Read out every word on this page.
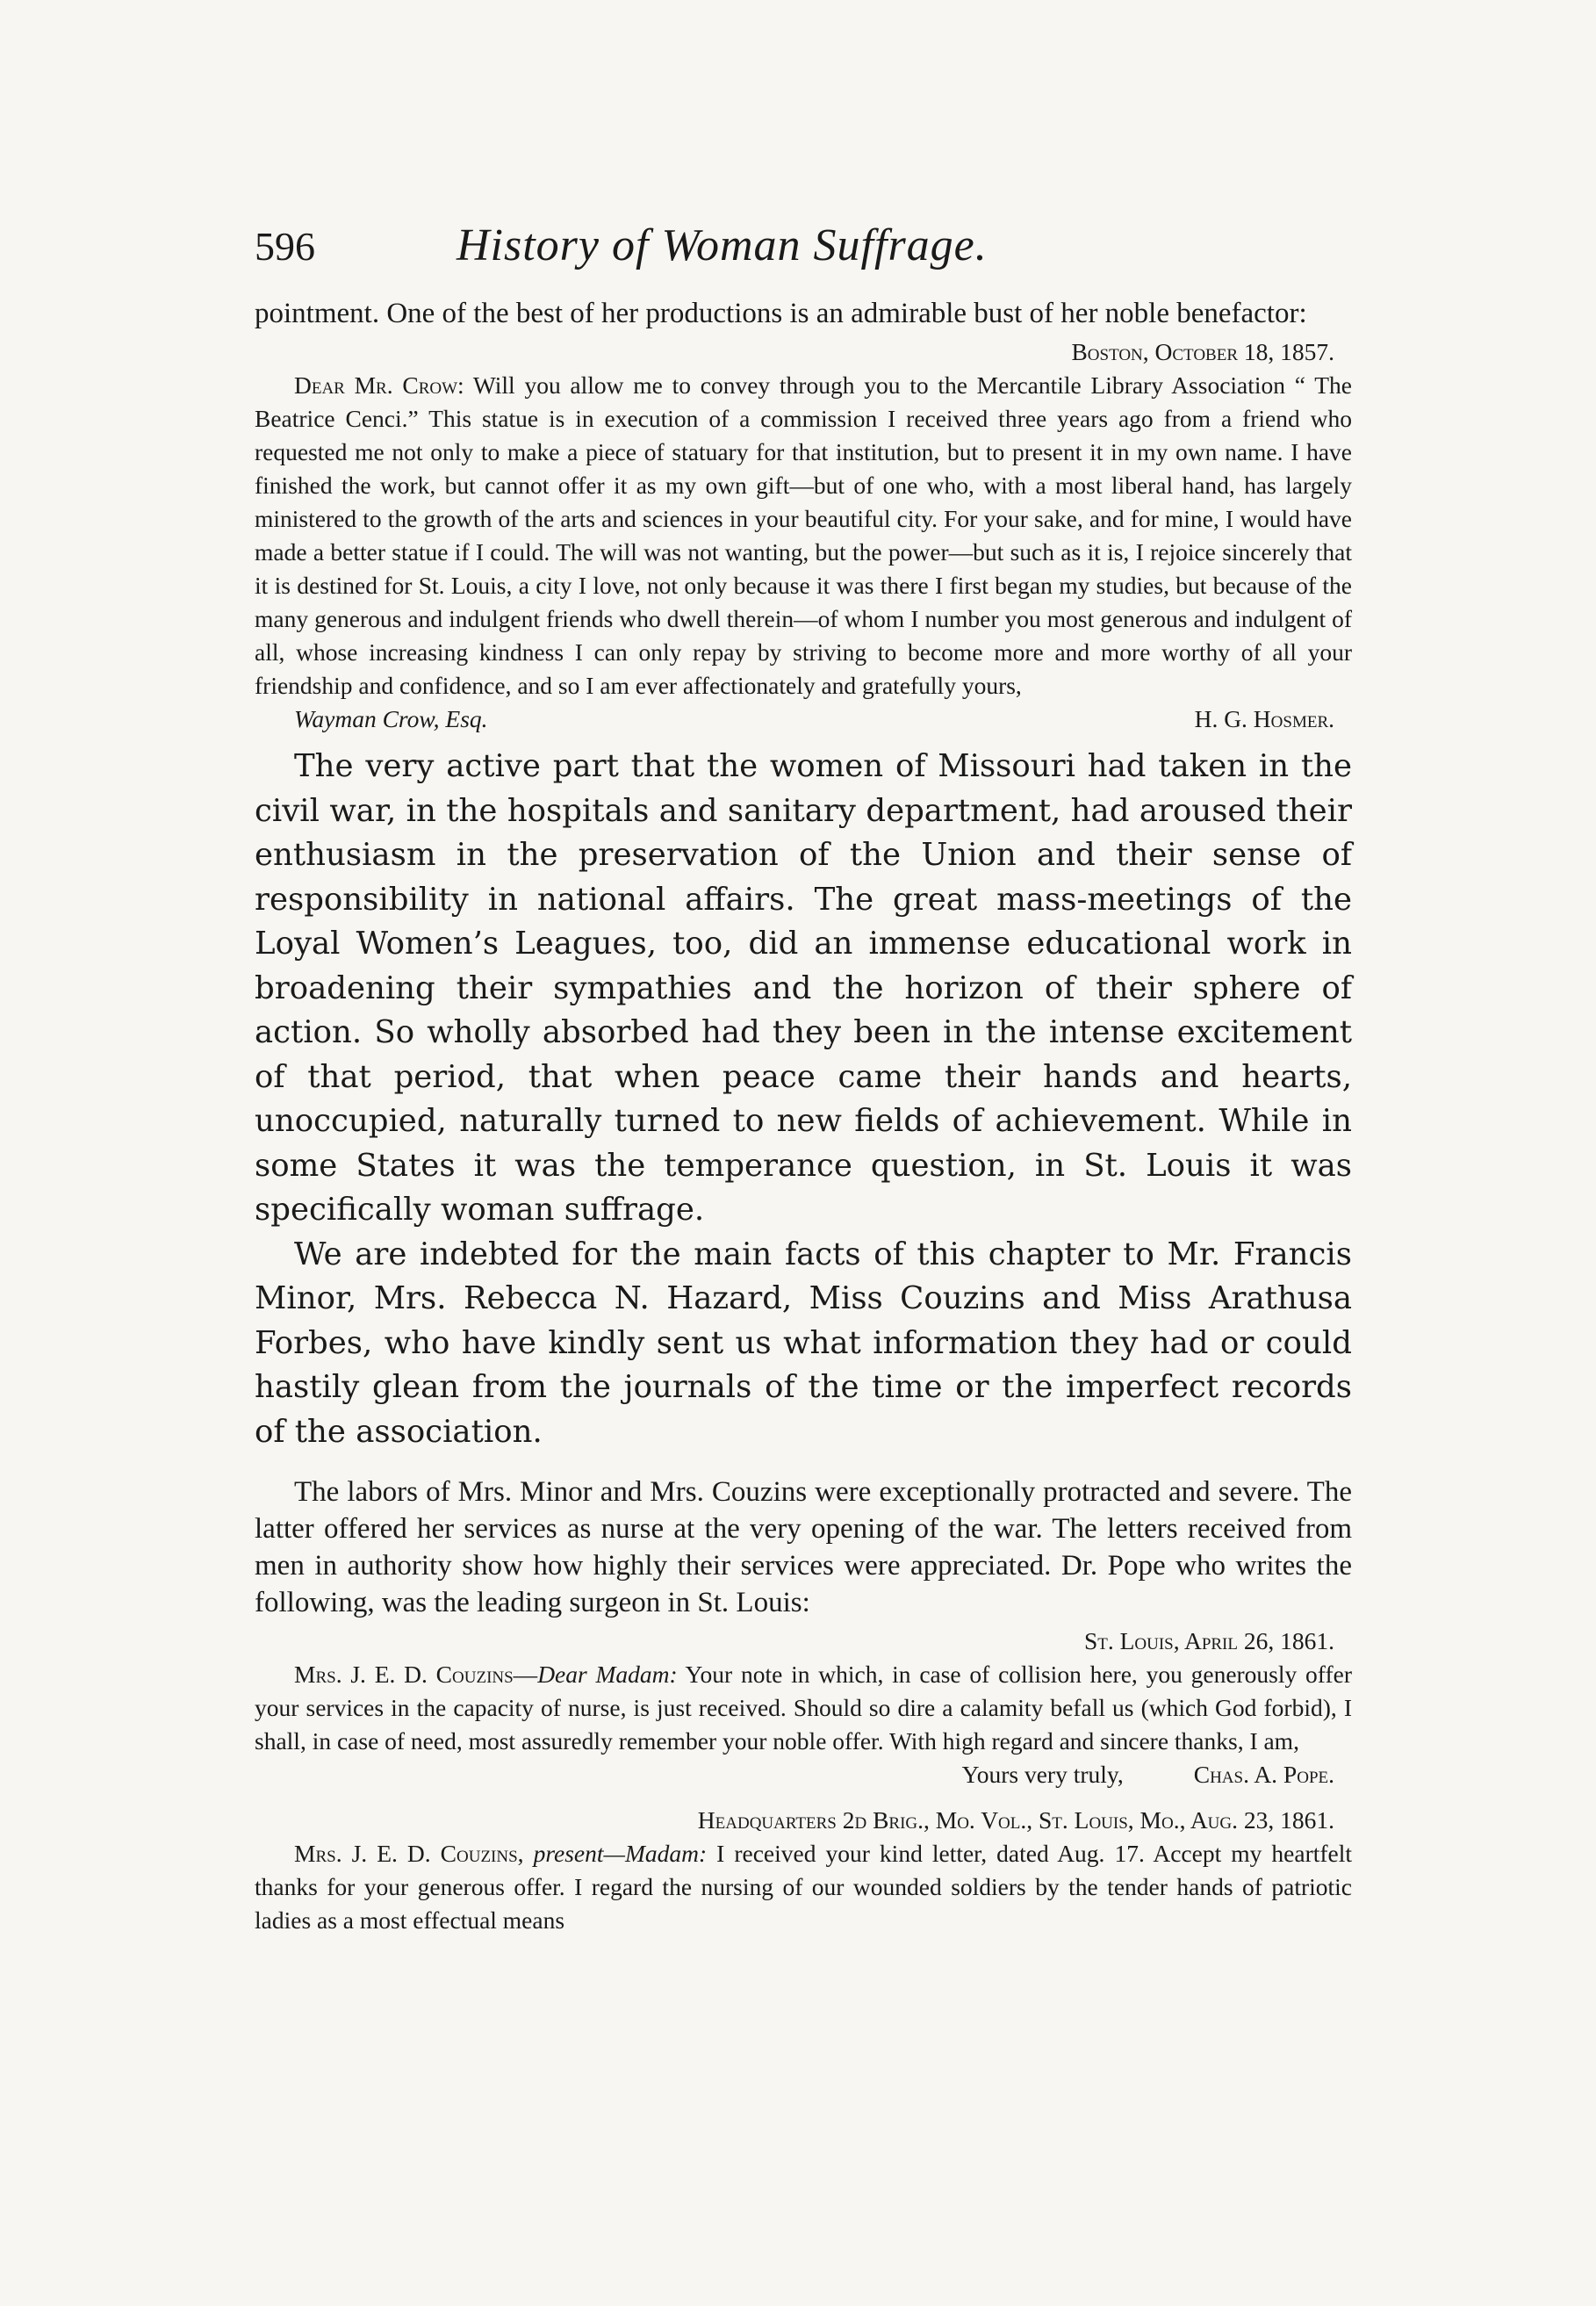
596	History of Woman Suffrage.

pointment. One of the best of her productions is an admirable bust of her noble benefactor:

Boston, October 18, 1857.

Dear Mr. Crow: Will you allow me to convey through you to the Mercantile Library Association “ The Beatrice Cenci.” This statue is in execution of a commission I received three years ago from a friend who requested me not only to make a piece of statuary for that institution, but to present it in my own name. I have finished the work, but cannot offer it as my own gift—but of one who, with a most liberal hand, has largely ministered to the growth of the arts and sciences in your beautiful city. For your sake, and for mine, I would have made a better statue if I could. The will was not wanting, but the power—but such as it is, I rejoice sincerely that it is destined for St. Louis, a city I love, not only because it was there I first began my studies, but because of the many generous and indulgent friends who dwell therein—of whom I number you most generous and indulgent of all, whose increasing kindness I can only repay by striving to become more and more worthy of all your friendship and confidence, and so I am ever affectionately and gratefully yours,

Wayman Crow, Esq.	H. G. Hosmer.

The very active part that the women of Missouri had taken in the civil war, in the hospitals and sanitary department, had aroused their enthusiasm in the preservation of the Union and their sense of responsibility in national affairs. The great mass-meetings of the Loyal Women’s Leagues, too, did an immense educational work in broadening their sympathies and the horizon of their sphere of action. So wholly absorbed had they been in the intense excitement of that period, that when peace came their hands and hearts, unoccupied, naturally turned to new fields of achievement. While in some States it was the temperance question, in St. Louis it was specifically woman suffrage.

We are indebted for the main facts of this chapter to Mr. Francis Minor, Mrs. Rebecca N. Hazard, Miss Couzins and Miss Arathusa Forbes, who have kindly sent us what information they had or could hastily glean from the journals of the time or the imperfect records of the association.

The labors of Mrs. Minor and Mrs. Couzins were exceptionally protracted and severe. The latter offered her services as nurse at the very opening of the war. The letters received from men in authority show how highly their services were appreciated. Dr. Pope who writes the following, was the leading surgeon in St. Louis:

St. Louis, April 26, 1861.

Mrs. J. E. D. Couzins—Dear Madam: Your note in which, in case of collision here, you generously offer your services in the capacity of nurse, is just received. Should so dire a calamity befall us (which God forbid), I shall, in case of need, most assuredly remember your noble offer. With high regard and sincere thanks, I am,

Yours very truly,	Chas. A. Pope.
Headquarters 2d Brig., Mo. Vol., St. Louis, Mo., Aug. 23, 1861.

Mrs. J. E. D. Couzins, present—Madam: I received your kind letter, dated Aug. 17. Accept my heartfelt thanks for your generous offer. I regard the nursing of our wounded soldiers by the tender hands of patriotic ladies as a most effectual means
